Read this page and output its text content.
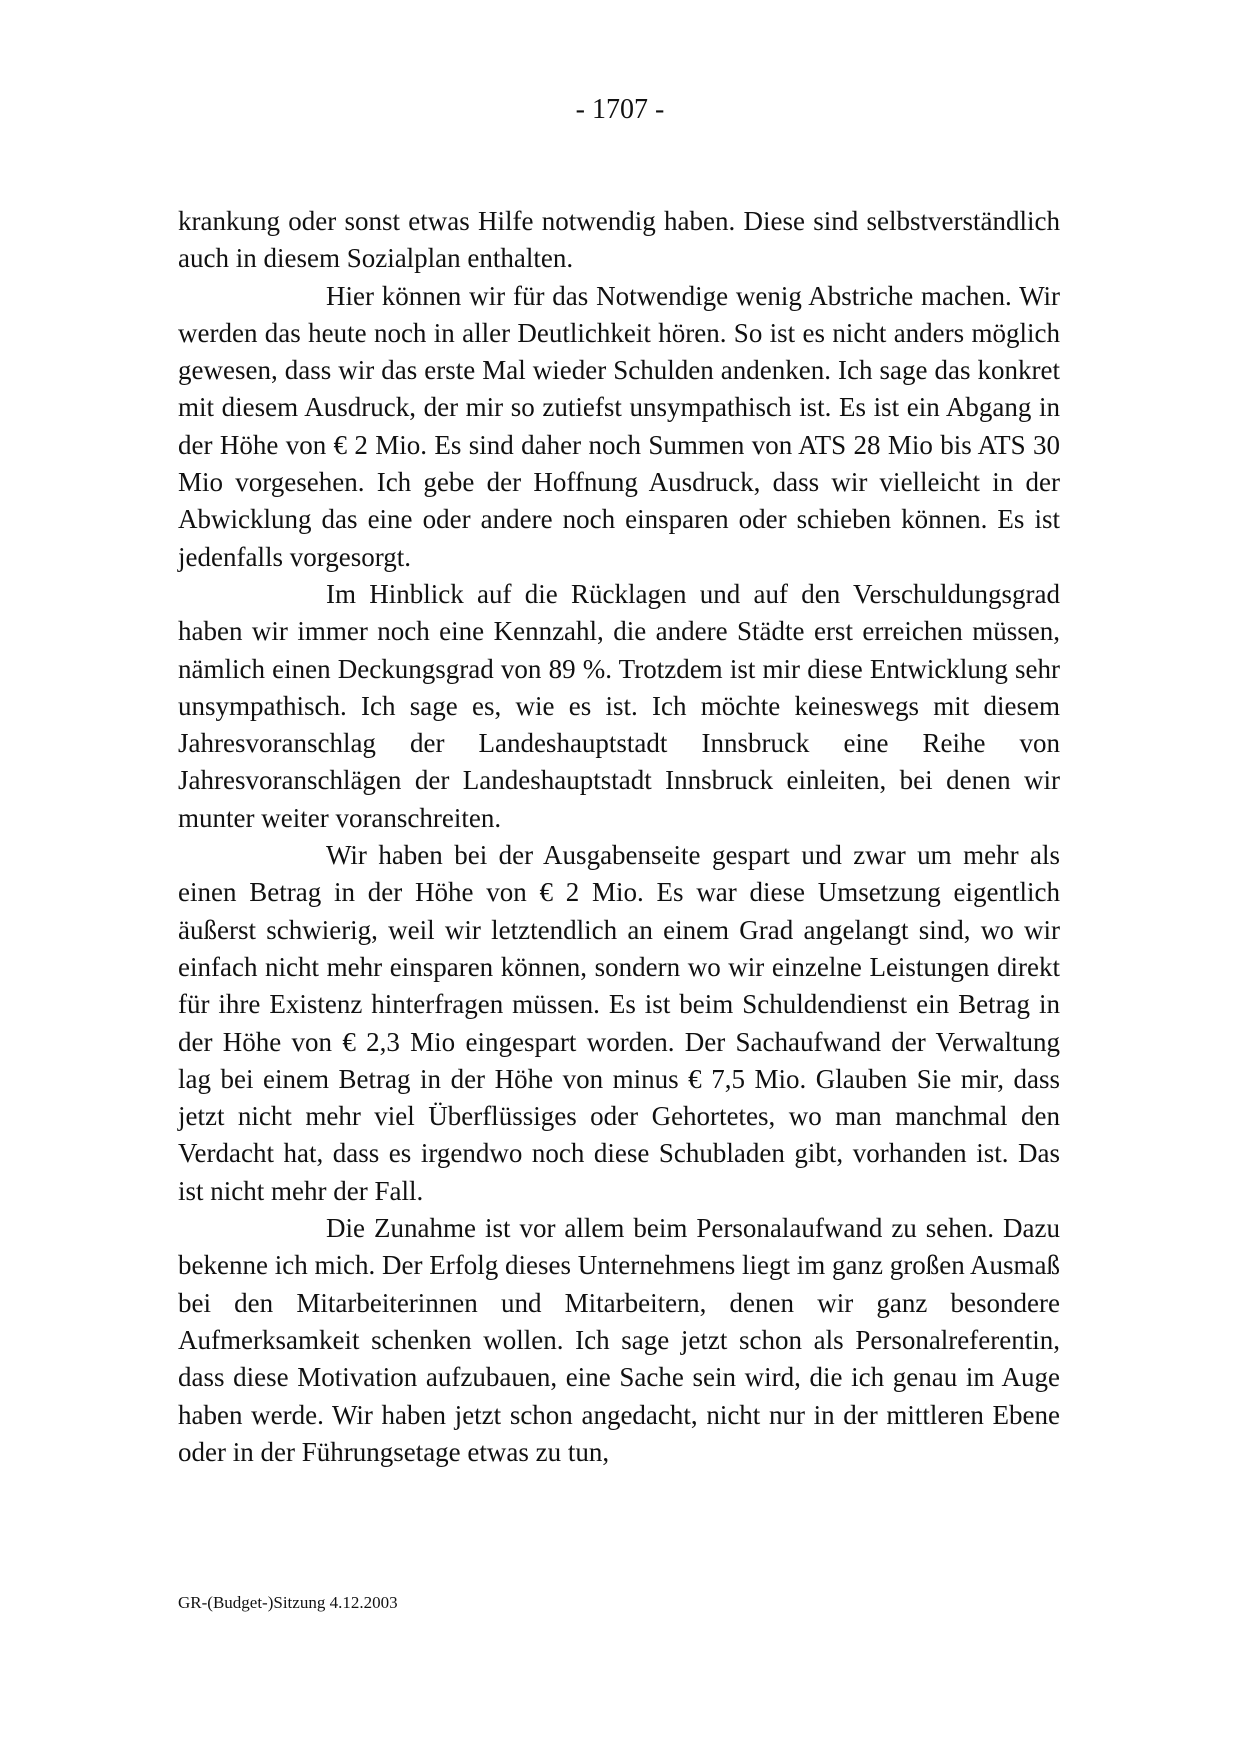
- 1707 -

krankung oder sonst etwas Hilfe notwendig haben. Diese sind selbstverständlich auch in diesem Sozialplan enthalten.

Hier können wir für das Notwendige wenig Abstriche machen. Wir werden das heute noch in aller Deutlichkeit hören. So ist es nicht anders möglich gewesen, dass wir das erste Mal wieder Schulden andenken. Ich sage das konkret mit diesem Ausdruck, der mir so zutiefst unsympathisch ist. Es ist ein Abgang in der Höhe von € 2 Mio. Es sind daher noch Summen von ATS 28 Mio bis ATS 30 Mio vorgesehen. Ich gebe der Hoffnung Ausdruck, dass wir vielleicht in der Abwicklung das eine oder andere noch einsparen oder schieben können. Es ist jedenfalls vorgesorgt.

Im Hinblick auf die Rücklagen und auf den Verschuldungsgrad haben wir immer noch eine Kennzahl, die andere Städte erst erreichen müssen, nämlich einen Deckungsgrad von 89 %. Trotzdem ist mir diese Entwicklung sehr unsympathisch. Ich sage es, wie es ist. Ich möchte keineswegs mit diesem Jahresvoranschlag der Landeshauptstadt Innsbruck eine Reihe von Jahresvoranschlägen der Landeshauptstadt Innsbruck einleiten, bei denen wir munter weiter voranschreiten.

Wir haben bei der Ausgabenseite gespart und zwar um mehr als einen Betrag in der Höhe von € 2 Mio. Es war diese Umsetzung eigentlich äußerst schwierig, weil wir letztendlich an einem Grad angelangt sind, wo wir einfach nicht mehr einsparen können, sondern wo wir einzelne Leistungen direkt für ihre Existenz hinterfragen müssen. Es ist beim Schuldendienst ein Betrag in der Höhe von € 2,3 Mio eingespart worden. Der Sachaufwand der Verwaltung lag bei einem Betrag in der Höhe von minus € 7,5 Mio. Glauben Sie mir, dass jetzt nicht mehr viel Überflüssiges oder Gehortetes, wo man manchmal den Verdacht hat, dass es irgendwo noch diese Schubladen gibt, vorhanden ist. Das ist nicht mehr der Fall.

Die Zunahme ist vor allem beim Personalaufwand zu sehen. Dazu bekenne ich mich. Der Erfolg dieses Unternehmens liegt im ganz großen Ausmaß bei den Mitarbeiterinnen und Mitarbeitern, denen wir ganz besondere Aufmerksamkeit schenken wollen. Ich sage jetzt schon als Personalreferentin, dass diese Motivation aufzubauen, eine Sache sein wird, die ich genau im Auge haben werde. Wir haben jetzt schon angedacht, nicht nur in der mittleren Ebene oder in der Führungsetage etwas zu tun,

GR-(Budget-)Sitzung 4.12.2003
